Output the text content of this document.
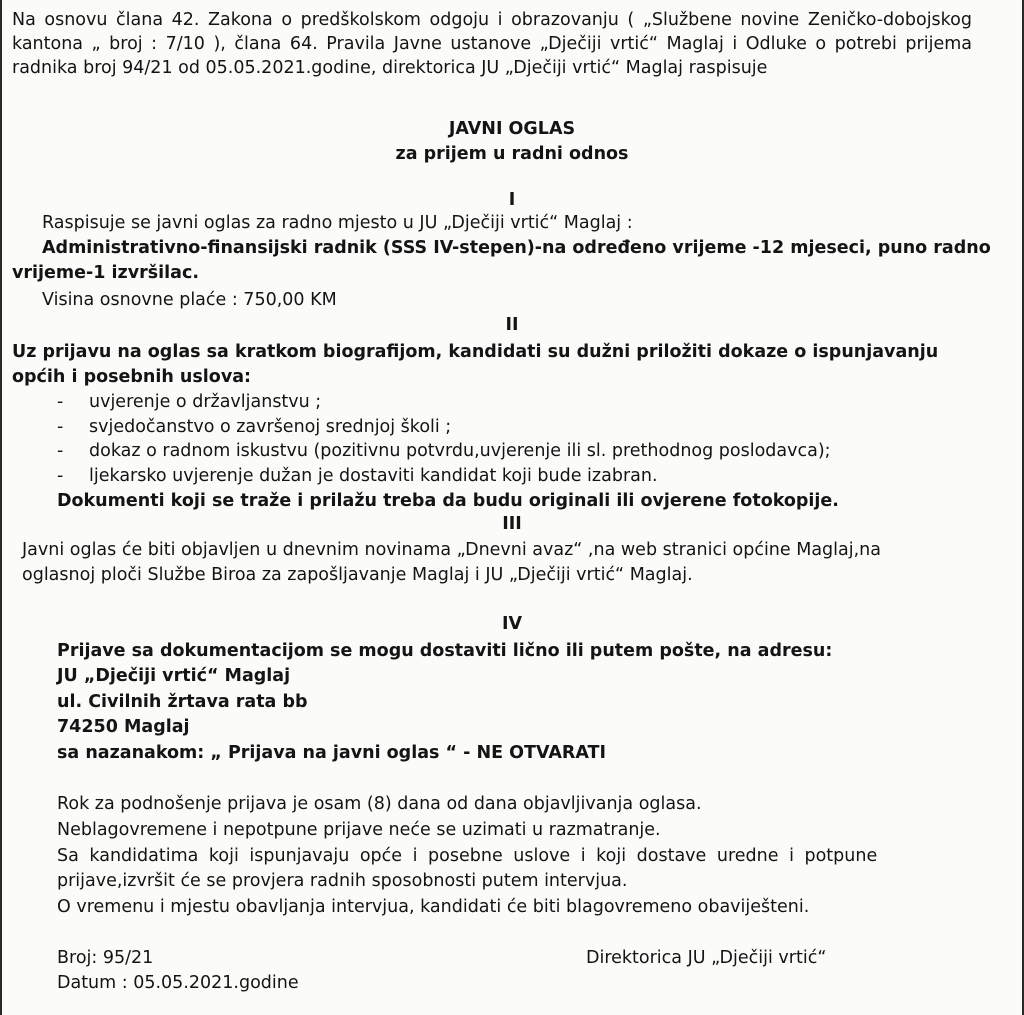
Na osnovu člana 42. Zakona o predškolskom odgoju i obrazovanju ( „Službene novine Zeničko-dobojskog kantona „ broj : 7/10 ), člana 64. Pravila Javne ustanove „Dječiji vrtić“ Maglaj i Odluke o potrebi prijema radnika broj 94/21 od 05.05.2021.godine, direktorica JU „Dječiji vrtić“ Maglaj raspisuje
JAVNI OGLAS
za prijem u radni odnos
I
Raspisuje se javni oglas za radno mjesto u JU „Dječiji vrtić“ Maglaj :
Administrativno-finansijski radnik (SSS IV-stepen)-na određeno vrijeme -12 mjeseci, puno radno
vrijeme-1 izvršilac.
Visina osnovne plaće : 750,00 KM
II
Uz prijavu na oglas sa kratkom biografijom, kandidati su dužni priložiti dokaze o ispunjavanju
općih i posebnih uslova:
- uvjerenje o državljanstvu ;
- svjedočanstvo o završenoj srednjoj školi ;
- dokaz o radnom iskustvu (pozitivnu potvrdu,uvjerenje ili sl. prethodnog poslodavca);
- ljekarsko uvjerenje dužan je dostaviti kandidat koji bude izabran.
Dokumenti koji se traže i prilažu treba da budu originali ili ovjerene fotokopije.
III
Javni oglas će biti objavljen u dnevnim novinama „Dnevni avaz“ ,na web stranici općine Maglaj,na
oglasnoj ploči Službe Biroa za zapošljavanje Maglaj i JU „Dječiji vrtić“ Maglaj.
IV
Prijave sa dokumentacijom se mogu dostaviti lično ili putem pošte, na adresu:
JU „Dječiji vrtić“ Maglaj
ul. Civilnih žrtava rata bb
74250 Maglaj
sa nazanakom: „ Prijava na javni oglas “ - NE OTVARATI
Rok za podnošenje prijava je osam (8) dana od dana objavljivanja oglasa.
Neblagovremene i nepotpune prijave neće se uzimati u razmatranje.
Sa kandidatima koji ispunjavaju opće i posebne uslove i koji dostave uredne i potpune
prijave,izvršit će se provjera radnih sposobnosti putem intervjua.
O vremenu i mjestu obavljanja intervjua, kandidati će biti blagovremeno obaviješteni.
Broj: 95/21
Datum : 05.05.2021.godine
Direktorica JU „Dječiji vrtić“
